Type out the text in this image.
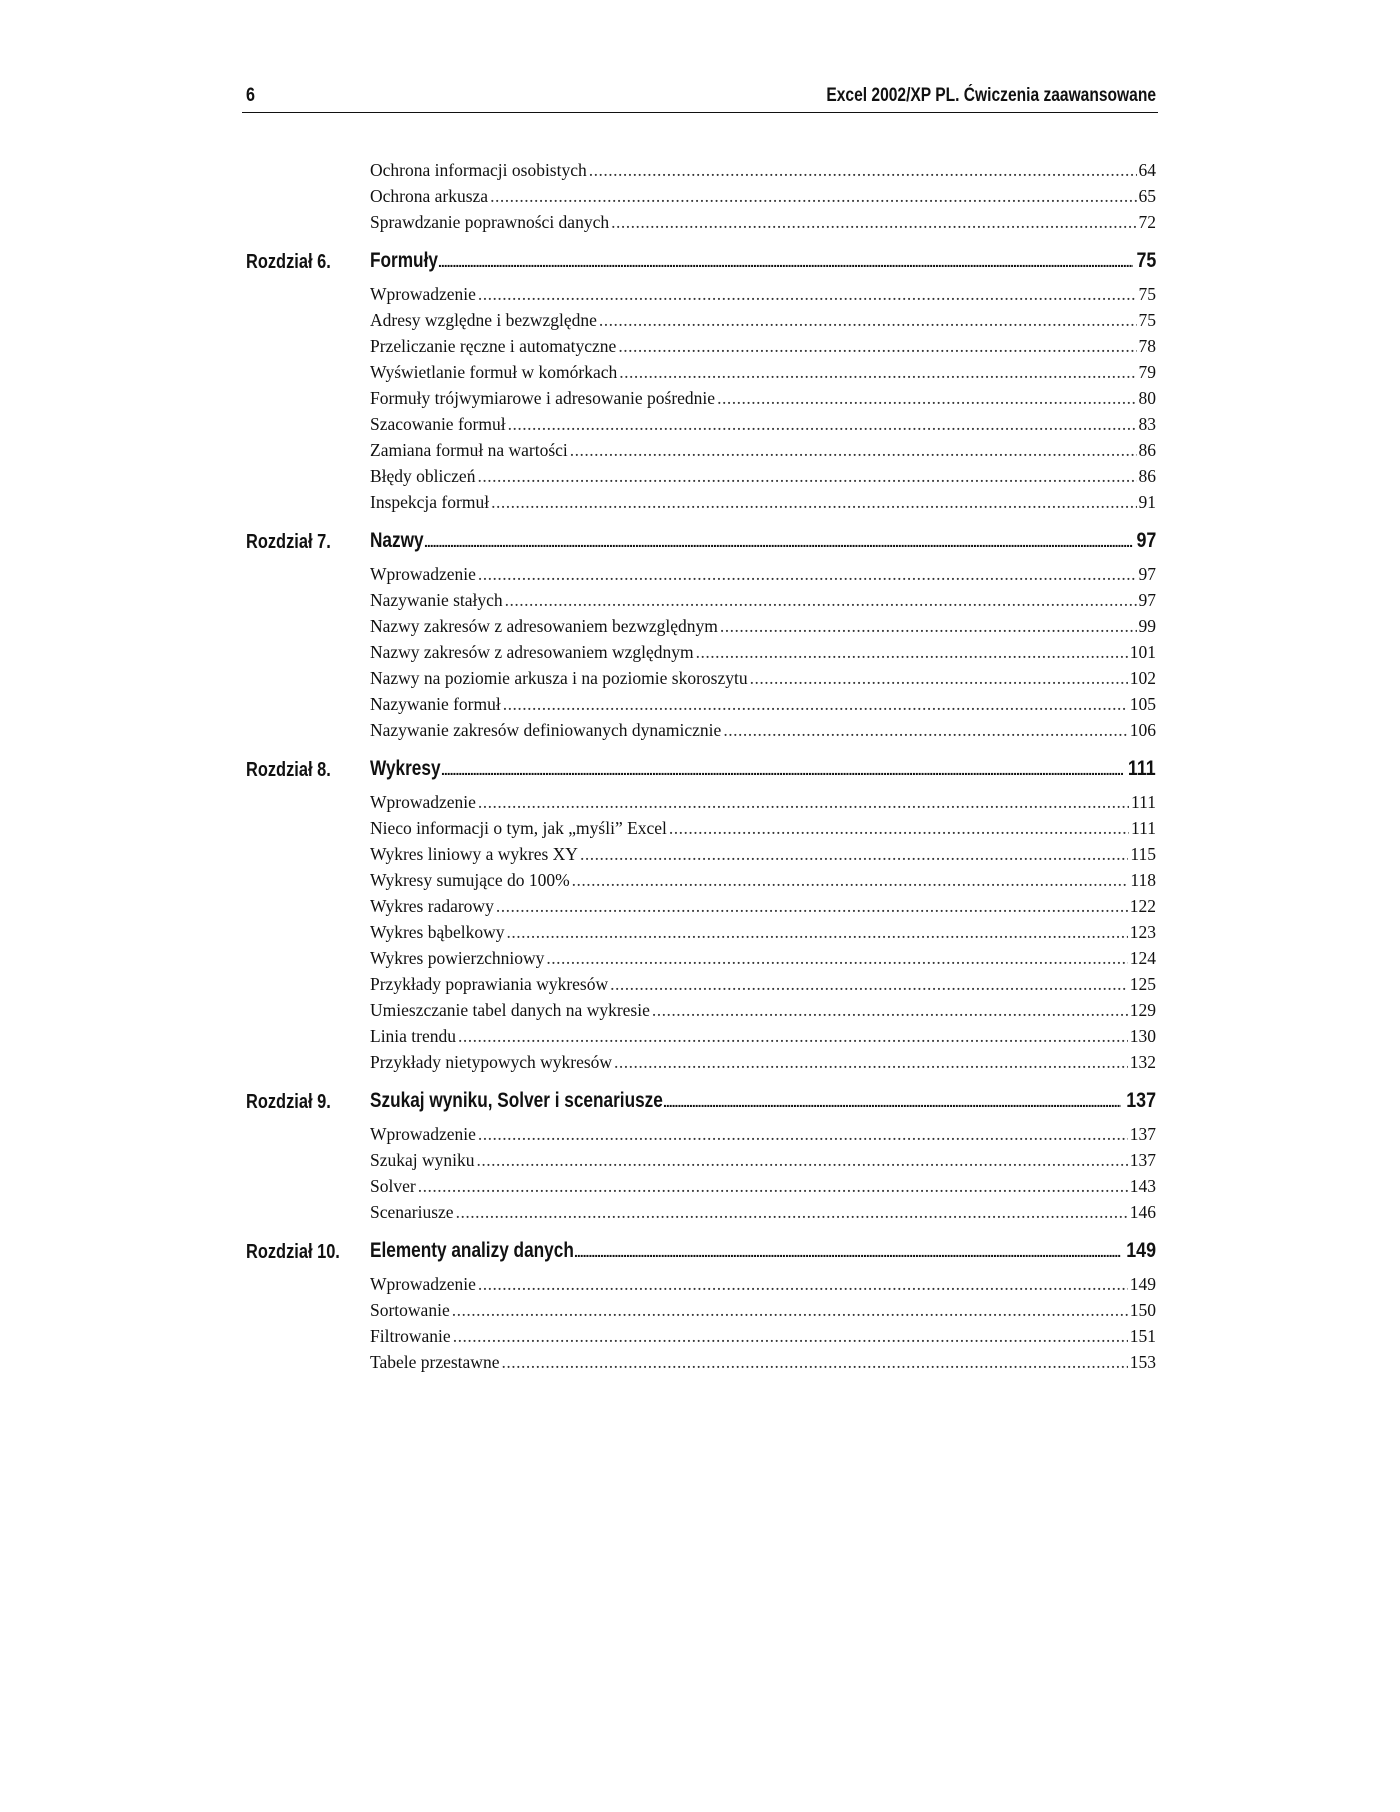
6	Excel 2002/XP PL. Ćwiczenia zaawansowane
Ochrona informacji osobistych .....	64
Ochrona arkusza .....	65
Sprawdzanie poprawności danych .....	72
Rozdział 6. Formuły .....	75
Wprowadzenie .....	75
Adresy względne i bezwzględne .....	75
Przeliczanie ręczne i automatyczne .....	78
Wyświetlanie formuł w komórkach .....	79
Formuły trójwymiarowe i adresowanie pośrednie .....	80
Szacowanie formuł .....	83
Zamiana formuł na wartości .....	86
Błędy obliczeń .....	86
Inspekcja formuł .....	91
Rozdział 7. Nazwy .....	97
Wprowadzenie .....	97
Nazywanie stałych .....	97
Nazwy zakresów z adresowaniem bezwzględnym .....	99
Nazwy zakresów z adresowaniem względnym .....	101
Nazwy na poziomie arkusza i na poziomie skoroszytu .....	102
Nazywanie formuł .....	105
Nazywanie zakresów definiowanych dynamicznie .....	106
Rozdział 8. Wykresy .....	111
Wprowadzenie .....	111
Nieco informacji o tym, jak „myśli” Excel .....	111
Wykres liniowy a wykres XY .....	115
Wykresy sumujące do 100% .....	118
Wykres radarowy .....	122
Wykres bąbelkowy .....	123
Wykres powierzchniowy .....	124
Przykłady poprawiania wykresów .....	125
Umieszczanie tabel danych na wykresie .....	129
Linia trendu .....	130
Przykłady nietypowych wykresów .....	132
Rozdział 9. Szukaj wyniku, Solver i scenariusze .....	137
Wprowadzenie .....	137
Szukaj wyniku .....	137
Solver .....	143
Scenariusze .....	146
Rozdział 10. Elementy analizy danych .....	149
Wprowadzenie .....	149
Sortowanie .....	150
Filtrowanie .....	151
Tabele przestawne .....	153
